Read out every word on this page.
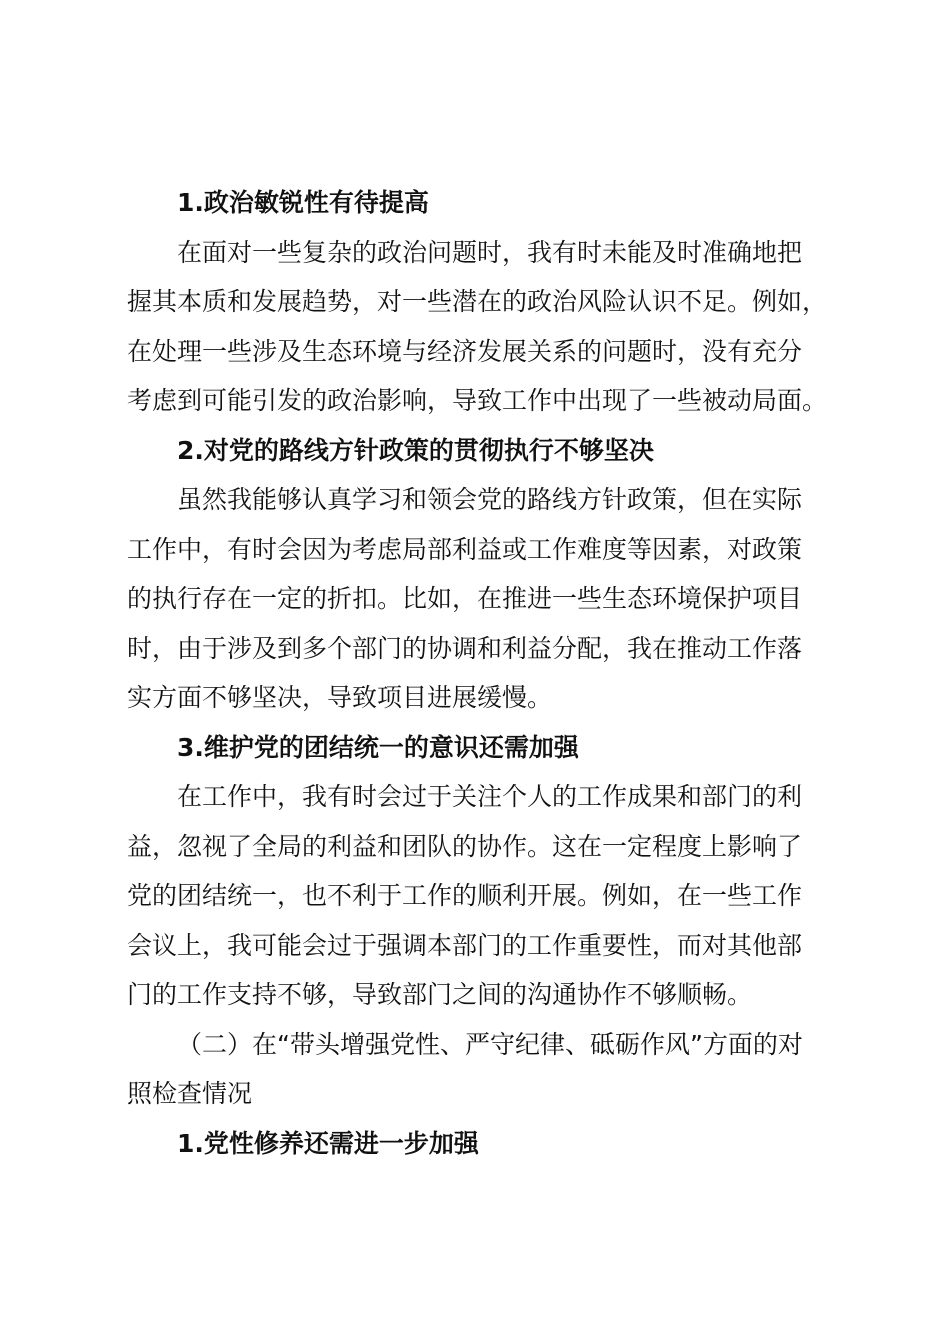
1.政治敏锐性有待提高
在面对一些复杂的政治问题时，我有时未能及时准确地把
握其本质和发展趋势，对一些潜在的政治风险认识不足。例如，
在处理一些涉及生态环境与经济发展关系的问题时，没有充分
考虑到可能引发的政治影响，导致工作中出现了一些被动局面。
2.对党的路线方针政策的贯彻执行不够坚决
虽然我能够认真学习和领会党的路线方针政策，但在实际
工作中，有时会因为考虑局部利益或工作难度等因素，对政策
的执行存在一定的折扣。比如，在推进一些生态环境保护项目
时，由于涉及到多个部门的协调和利益分配，我在推动工作落
实方面不够坚决，导致项目进展缓慢。
3.维护党的团结统一的意识还需加强
在工作中，我有时会过于关注个人的工作成果和部门的利
益，忽视了全局的利益和团队的协作。这在一定程度上影响了
党的团结统一，也不利于工作的顺利开展。例如，在一些工作
会议上，我可能会过于强调本部门的工作重要性，而对其他部
门的工作支持不够，导致部门之间的沟通协作不够顺畅。
（二）在“带头增强党性、严守纪律、砥砺作风”方面的对
照检查情况
1.党性修养还需进一步加强
